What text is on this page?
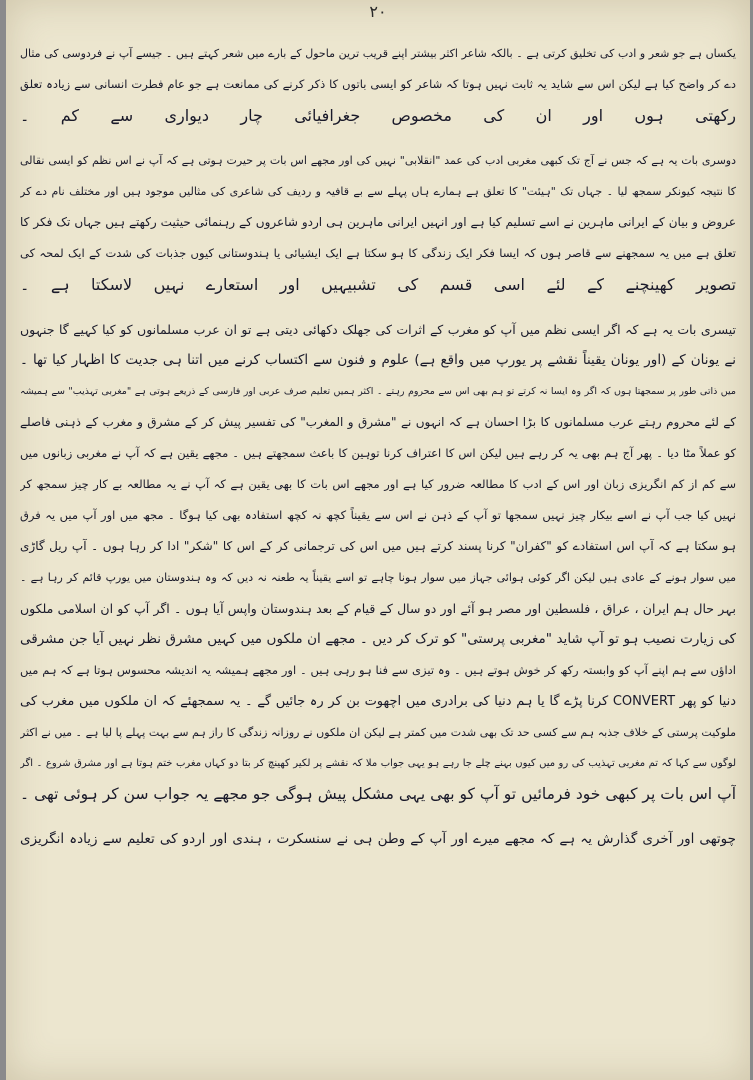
۲۰
یکساں ہے جو شعر و ادب کی تخلیق کرتی ہے ۔ بالکہ شاعر اکثر بیشتر اپنے قریب ترین ماحول کے بارے میں شعر کہتے ہیں ۔ جیسے آپ نے فردوسی کی مثال
دے کر واضح کیا ہے لیکن اس سے شاید یہ ثابت نہیں ہوتا کہ شاعر کو ایسی باتوں کا ذکر کرنے کی ممانعت ہے جو عام فطرت انسانی سے زیادہ تعلق
رکھتی ہوں اور ان کی مخصوص جغرافیائی چار دیواری سے کم ۔
دوسری بات یہ ہے کہ جس نے آج تک کبھی مغربی ادب کی عمد "انقلابی" نہیں کی اور مجھے اس بات پر حیرت ہوتی ہے کہ آپ نے اس نظم کو ایسی نقالی
کا نتیجہ کیونکر سمجھ لیا ۔ جہاں تک "ہیئت" کا تعلق ہے ہمارے ہاں پہلے سے بے قافیہ و ردیف کی شاعری کی مثالیں موجود ہیں اور مختلف نام دے کر
عروض و بیان کے ایرانی ماہرین نے اسے تسلیم کیا ہے اور انہیں ایرانی ماہرین ہی اردو شاعروں کے رہنمائی حیثیت رکھتے ہیں جہاں تک فکر کا
تعلق ہے میں یہ سمجھنے سے قاصر ہوں کہ ایسا فکر ایک زندگی کا ہو سکتا ہے ایک ایشیائی یا ہندوستانی کیوں جذبات کی شدت کے ایک لمحہ کی
تصویر کھینچنے کے لئے اسی قسم کی تشبیہیں اور استعارے نہیں لاسکتا ہے ۔
تیسری بات یہ ہے کہ اگر ایسی نظم میں آپ کو مغرب کے اثرات کی جھلک دکھائی دیتی ہے تو ان عرب مسلمانوں کو کیا کہیے گا جنہوں
نے یونان کے (اور یونان یقیناً نقشے پر یورپ میں واقع ہے) علوم و فنون سے اکتساب کرنے میں اتنا ہی جدیت کا اظہار کیا تھا ۔
میں ذاتی طور پر سمجھتا ہوں کہ اگر وہ ایسا نہ کرتے تو ہم بھی اس سے محروم رہتے ۔ اکثر ہمیں تعلیم صرف عربی اور فارسی کے ذریعے ہوتی ہے "مغربی تہذیب" سے ہمیشہ
کے لئے محروم رہتے عرب مسلمانوں کا بڑا احسان ہے کہ انہوں نے "مشرق و المغرب" کی تفسیر پیش کر کے مشرق و مغرب کے ذہنی فاصلے
کو عملاً مٹا دیا ۔ پھر آج ہم بھی یہ کر رہے ہیں لیکن اس کا اعتراف کرنا توہین کا باعث سمجھتے ہیں ۔ مجھے یقین ہے کہ آپ نے مغربی زبانوں میں
سے کم از کم انگریزی زبان اور اس کے ادب کا مطالعہ ضرور کیا ہے اور مجھے اس بات کا بھی یقین ہے کہ آپ نے یہ مطالعہ بے کار چیز سمجھ کر
نہیں کیا جب آپ نے اسے بیکار چیز نہیں سمجھا تو آپ کے ذہن نے اس سے یقیناً کچھ نہ کچھ استفادہ بھی کیا ہوگا ۔ مجھ میں اور آپ میں یہ فرق
ہو سکتا ہے کہ آپ اس استفادے کو "کفران" کرنا پسند کرتے ہیں میں اس کی ترجمانی کر کے اس کا "شکر" ادا کر رہا ہوں ۔ آپ ریل گاڑی
میں سوار ہونے کے عادی ہیں لیکن اگر کوئی ہوائی جہاز میں سوار ہونا چاہے تو اسے یقیناً یہ طعنہ نہ دیں کہ وہ ہندوستان میں یورپ قائم کر رہا ہے ۔
بہر حال ہم ایران ، عراق ، فلسطین اور مصر ہو آئے اور دو سال کے قیام کے بعد ہندوستان واپس آیا ہوں ۔ اگر آپ کو ان اسلامی ملکوں
کی زیارت نصیب ہو تو آپ شاید "مغربی پرستی" کو ترک کر دیں ۔ مجھے ان ملکوں میں کہیں مشرق نظر نہیں آیا جن مشرقی
اداؤں سے ہم اپنے آپ کو وابستہ رکھ کر خوش ہوتے ہیں ۔ وہ تیزی سے فنا ہو رہی ہیں ۔ اور مجھے ہمیشہ یہ اندیشہ محسوس ہوتا ہے کہ ہم میں
دنیا کو پھر CONVERT کرنا پڑے گا یا ہم دنیا کی برادری میں اچھوت بن کر رہ جائیں گے ۔ یہ سمجھئے کہ ان ملکوں میں مغرب کی
ملوکیت پرستی کے خلاف جذبہ ہم سے کسی حد تک بھی شدت میں کمتر ہے لیکن ان ملکوں نے روزانہ زندگی کا راز ہم سے بہت پہلے پا لیا ہے ۔ میں نے اکثر
لوگوں سے کہا کہ تم مغربی تہذیب کی رو میں کیوں بہنے چلے جا رہے ہو یہی جواب ملا کہ نقشے پر لکیر کھینچ کر بتا دو کہاں مغرب ختم ہوتا ہے اور مشرق شروع ۔ اگر
آپ اس بات پر کبھی خود فرمائیں تو آپ کو بھی یہی مشکل پیش ہوگی جو مجھے یہ جواب سن کر ہوئی تھی ۔
چوتھی اور آخری گذارش یہ ہے کہ مجھے میرے اور آپ کے وطن ہی نے سنسکرت ، ہندی اور اردو کی تعلیم سے زیادہ انگریزی
